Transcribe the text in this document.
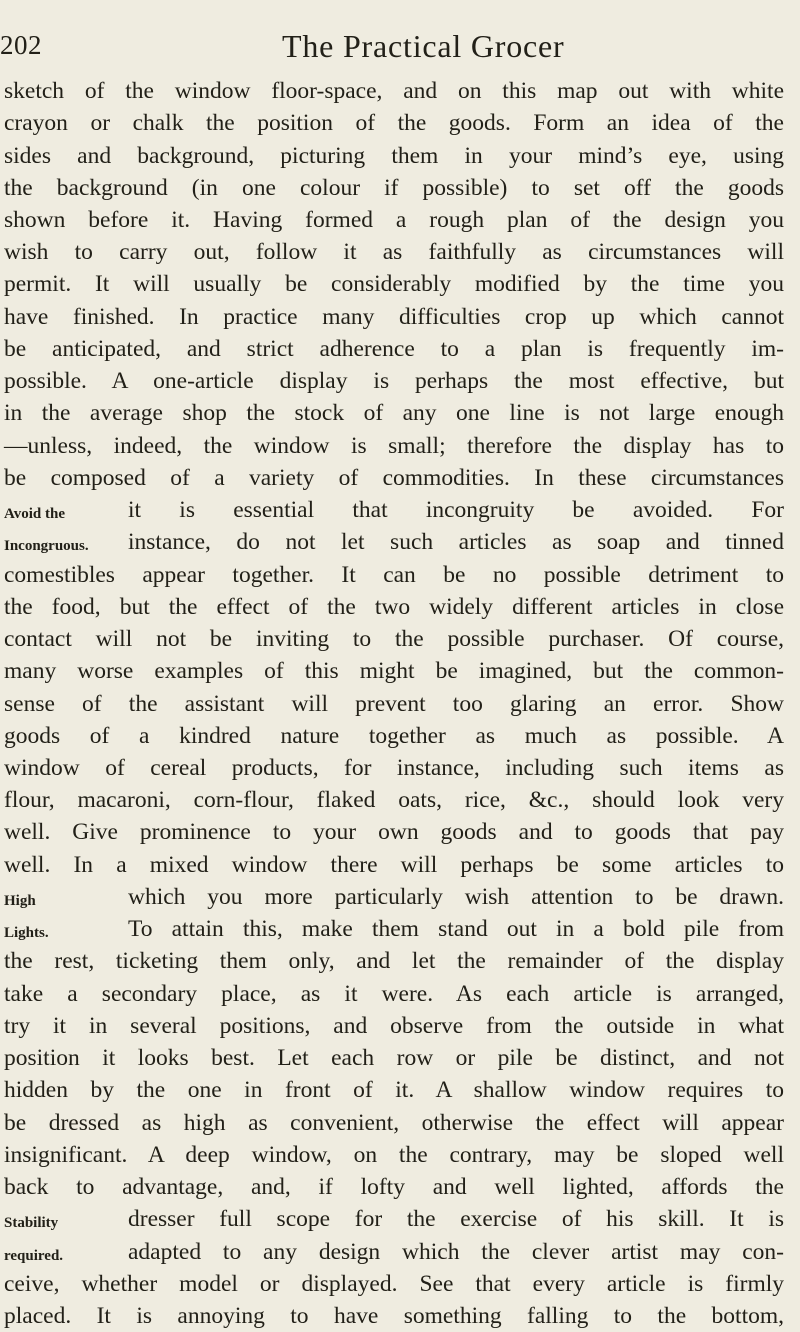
202	The Practical Grocer
Avoid the
Incongruous.
High
Lights.
Stability
required.
sketch of the window floor-space, and on this map out with white
crayon or chalk the position of the goods. Form an idea of the
sides and background, picturing them in your mind’s eye, using
the background (in one colour if possible) to set off the goods
shown before it. Having formed a rough plan of the design you
wish to carry out, follow it as faithfully as circumstances will
permit. It will usually be considerably modified by the time you
have finished. In practice many difficulties crop up which cannot
be anticipated, and strict adherence to a plan is frequently im-
possible. A one-article display is perhaps the most effective, but
in the average shop the stock of any one line is not large enough
—unless, indeed, the window is small; therefore the display has to
be composed of a variety of commodities. In these circumstances
it is essential that incongruity be avoided. For
instance, do not let such articles as soap and tinned
comestibles appear together. It can be no possible detriment to
the food, but the effect of the two widely different articles in close
contact will not be inviting to the possible purchaser. Of course,
many worse examples of this might be imagined, but the common-
sense of the assistant will prevent too glaring an error. Show
goods of a kindred nature together as much as possible. A
window of cereal products, for instance, including such items as
flour, macaroni, corn-flour, flaked oats, rice, &c., should look very
well. Give prominence to your own goods and to goods that pay
well. In a mixed window there will perhaps be some articles to
which you more particularly wish attention to be drawn.
To attain this, make them stand out in a bold pile from
the rest, ticketing them only, and let the remainder of the display
take a secondary place, as it were. As each article is arranged,
try it in several positions, and observe from the outside in what
position it looks best. Let each row or pile be distinct, and not
hidden by the one in front of it. A shallow window requires to
be dressed as high as convenient, otherwise the effect will appear
insignificant. A deep window, on the contrary, may be sloped well
back to advantage, and, if lofty and well lighted, affords the
dresser full scope for the exercise of his skill. It is
adapted to any design which the clever artist may con-
ceive, whether model or displayed. See that every article is firmly
placed. It is annoying to have something falling to the bottom,
